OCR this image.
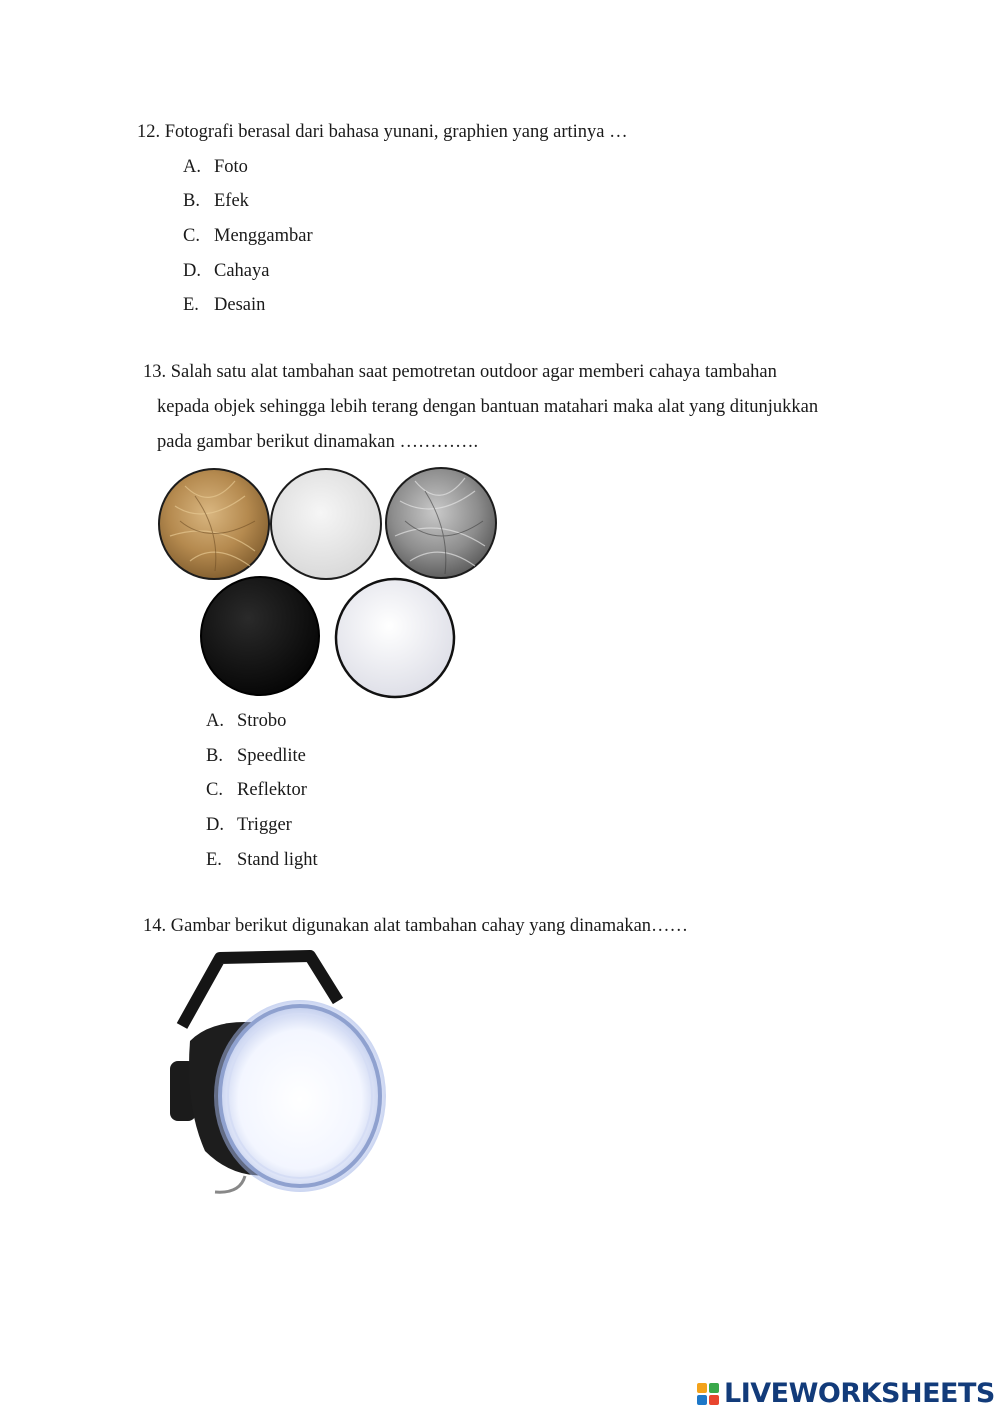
12. Fotografi berasal dari bahasa yunani, graphien yang artinya …
A. Foto
B. Efek
C. Menggambar
D. Cahaya
E. Desain
13. Salah satu alat tambahan saat pemotretan outdoor agar memberi cahaya tambahan
kepada objek sehingga lebih terang dengan bantuan matahari maka alat yang ditunjukkan
pada gambar berikut dinamakan ………….
A. Strobo
B. Speedlite
C. Reflektor
D. Trigger
E. Stand light
14. Gambar berikut digunakan alat tambahan cahay yang dinamakan……
LIVEWORKSHEETS
